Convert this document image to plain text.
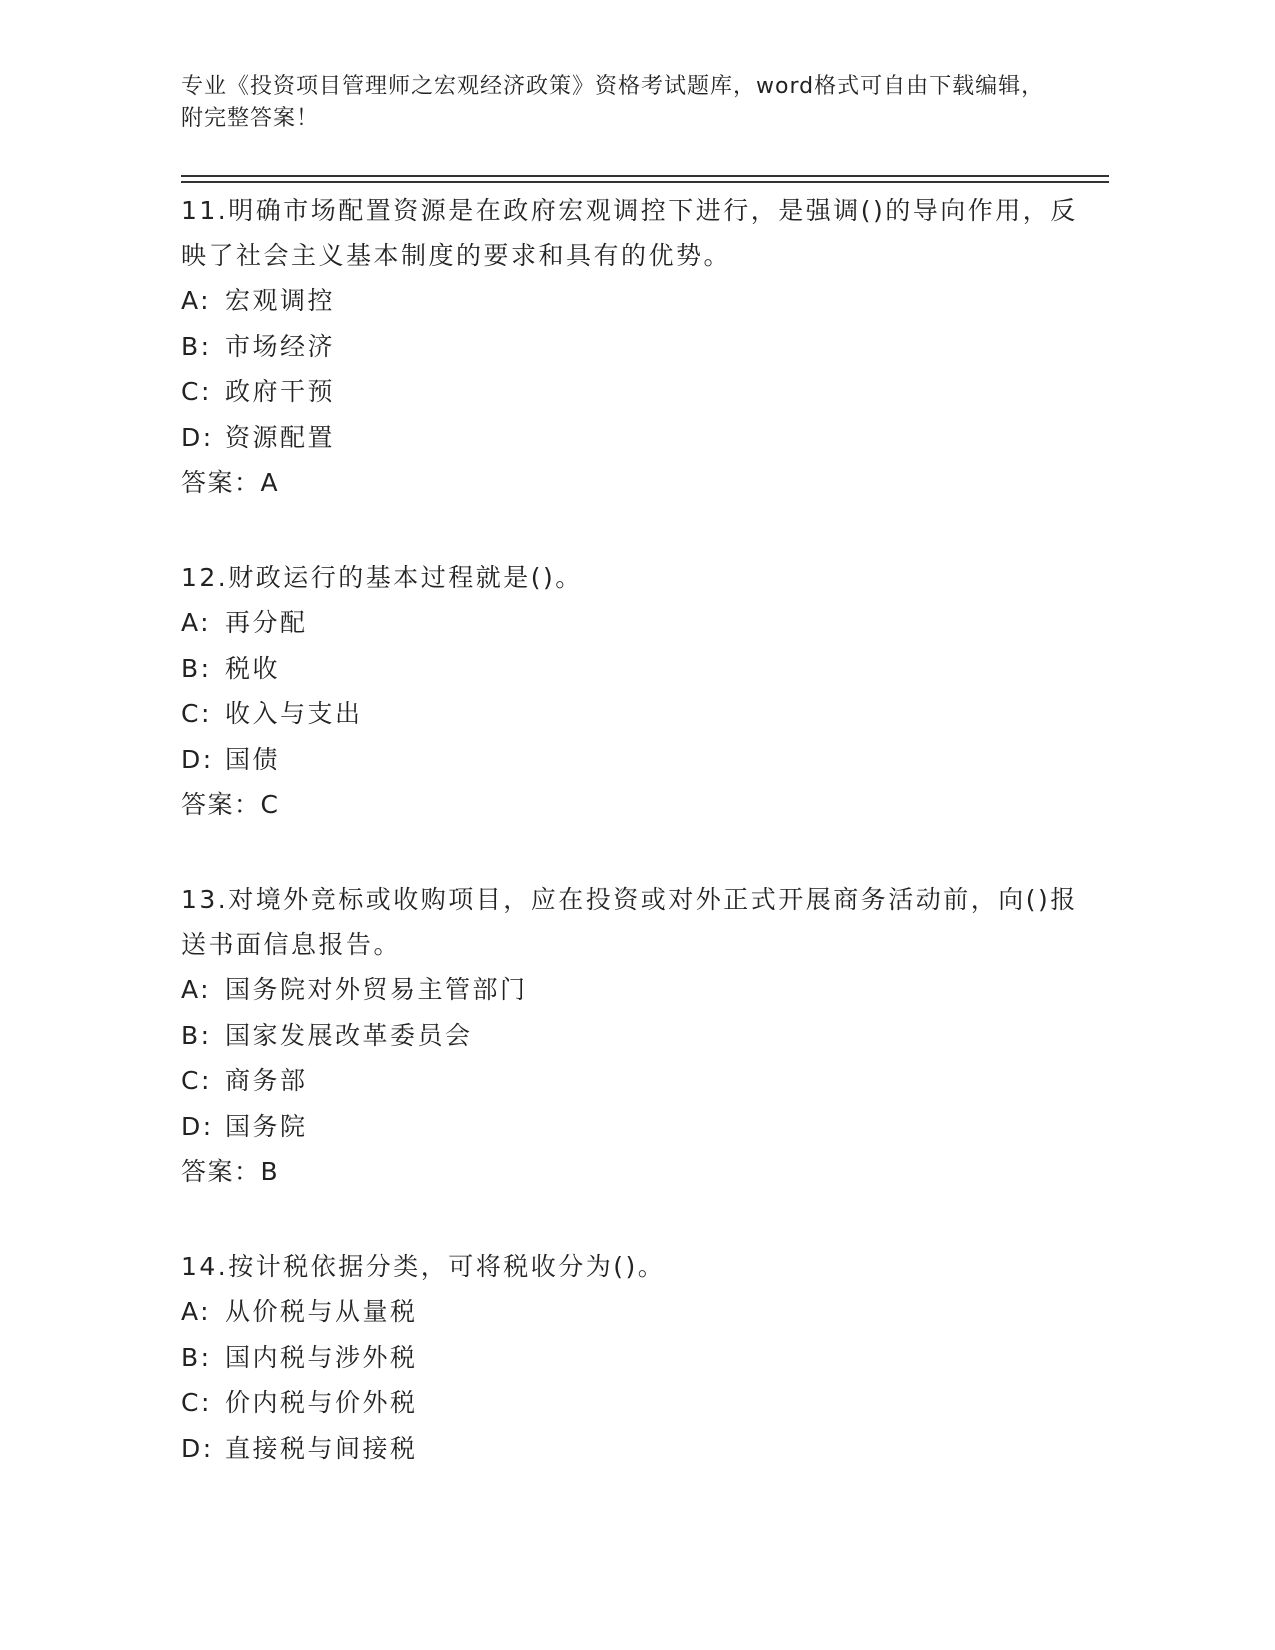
专业《投资项目管理师之宏观经济政策》资格考试题库，word格式可自由下载编辑，附完整答案！

11.明确市场配置资源是在政府宏观调控下进行，是强调()的导向作用，反映了社会主义基本制度的要求和具有的优势。

A: 宏观调控
B: 市场经济
C: 政府干预
D: 资源配置
答案：A

12.财政运行的基本过程就是()。

A: 再分配
B: 税收
C: 收入与支出
D: 国债
答案：C

13.对境外竞标或收购项目，应在投资或对外正式开展商务活动前，向()报送书面信息报告。

A: 国务院对外贸易主管部门
B: 国家发展改革委员会
C: 商务部
D: 国务院
答案：B

14.按计税依据分类，可将税收分为()。

A: 从价税与从量税
B: 国内税与涉外税
C: 价内税与价外税
D: 直接税与间接税
